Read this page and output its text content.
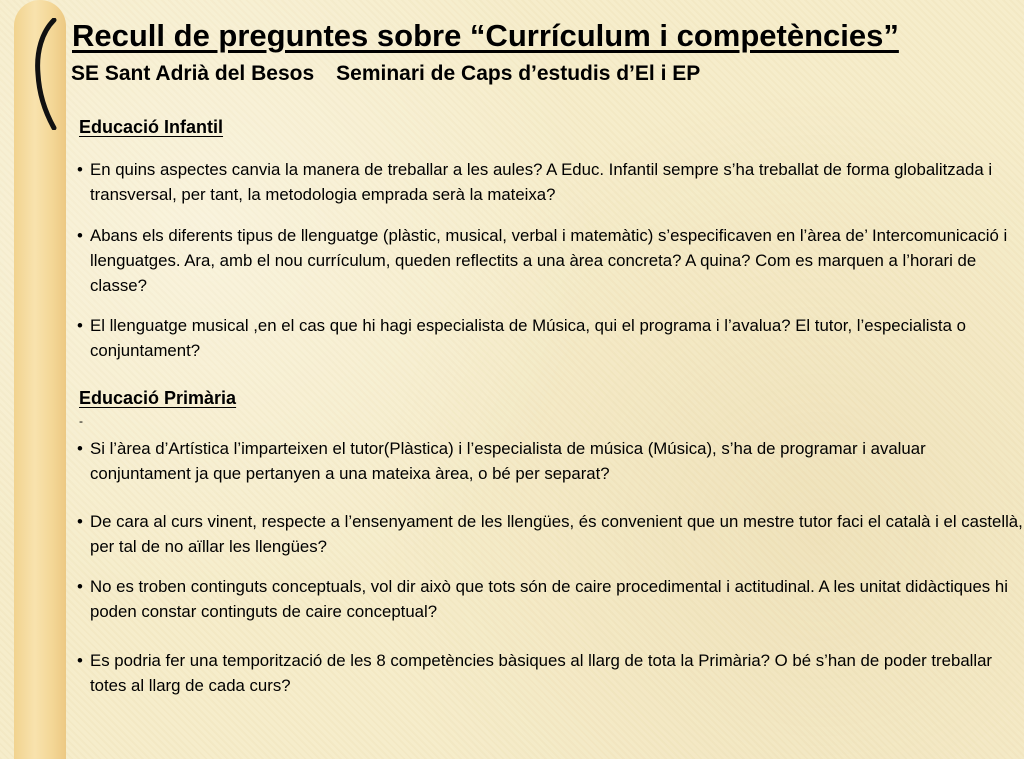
Recull de preguntes sobre “Currículum i competències”
SE Sant Adrià del Besos Seminari de Caps d’estudis d’El i EP
Educació Infantil

• En quins aspectes canvia la manera de treballar a les aules? A Educ. Infantil sempre s’ha treballat de forma globalitzada i transversal, per tant, la metodologia emprada serà la mateixa?

• Abans els diferents tipus de llenguatge (plàstic, musical, verbal i matemàtic) s’especificaven en l’àrea de’ Intercomunicació i llenguatges. Ara, amb el nou currículum, queden reflectits a una àrea concreta? A quina? Com es marquen a l’horari de classe?

• El llenguatge musical ,en el cas que hi hagi especialista de Música, qui el programa i l’avalua? El tutor, l’especialista o conjuntament?

Educació Primària
-

• Si l’àrea d’Artística l’imparteixen el tutor(Plàstica) i l’especialista de música (Música), s’ha de programar i avaluar conjuntament ja que pertanyen a una mateixa àrea, o bé per separat?

• De cara al curs vinent, respecte a l’ensenyament de les llengües, és convenient que un mestre tutor faci el català i el castellà, per tal de no aïllar les llengües?

• No es troben continguts conceptuals, vol dir això que tots són de caire procedimental i actitudinal. A les unitat didàctiques hi poden constar continguts de caire conceptual?

• Es podria fer una temporització de les 8 competències bàsiques al llarg de tota la Primària? O bé s’han de poder treballar totes al llarg de cada curs?
